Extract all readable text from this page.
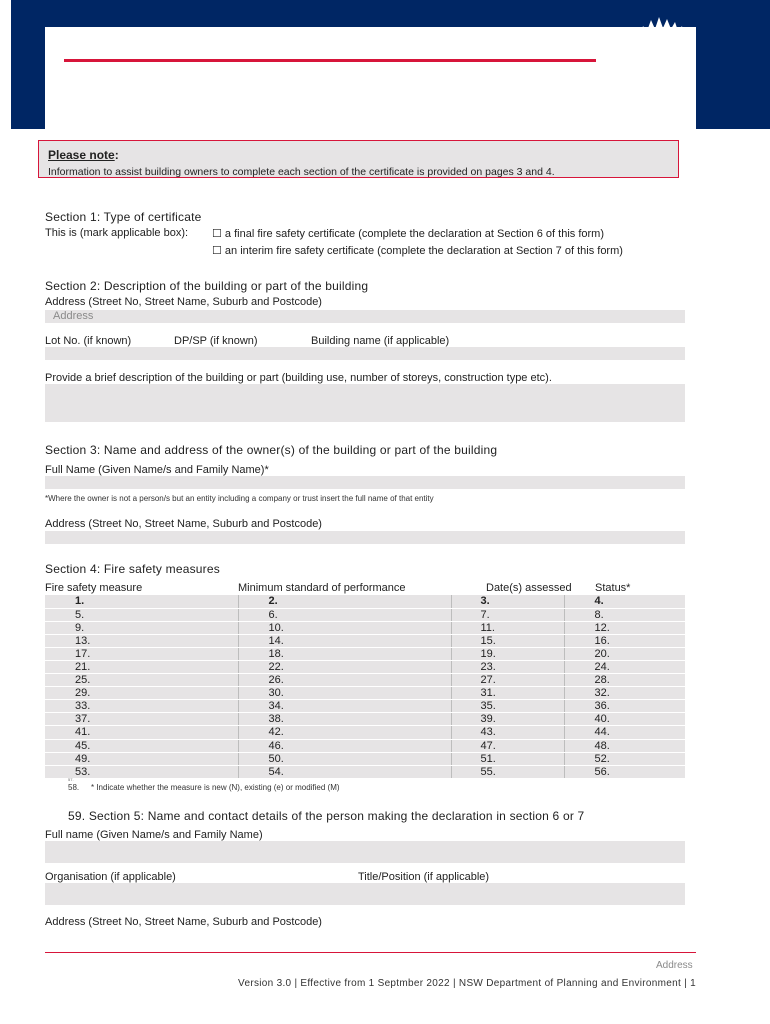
Please note:
Information to assist building owners to complete each section of the certificate is provided on pages 3 and 4.
Section 1: Type of certificate
This is (mark applicable box): ☐ a final fire safety certificate (complete the declaration at Section 6 of this form)
☐ an interim fire safety certificate (complete the declaration at Section 7 of this form)
Section 2: Description of the building or part of the building
Address (Street No, Street Name, Suburb and Postcode)
Address
Lot No. (if known)	DP/SP (if known)	Building name (if applicable)
Provide a brief description of the building or part (building use, number of storeys, construction type etc).
Section 3: Name and address of the owner(s) of the building or part of the building
Full Name (Given Name/s and Family Name)*
*Where the owner is not a person/s but an entity including a company or trust insert the full name of that entity
Address (Street No, Street Name, Suburb and Postcode)
Section 4: Fire safety measures
Fire safety measure	Minimum standard of performance	Date(s) assessed Status*
1.	2.	3.	4.
5.	6.	7.	8.
9.	10.	11.	12.
13.	14.	15.	16.
17.	18.	19.	20.
21.	22.	23.	24.
25.	26.	27.	28.
29.	30.	31.	32.
33.	34.	35.	36.
37.	38.	39.	40.
41.	42.	43.	44.
45.	46.	47.	48.
49.	50.	51.	52.
53.	54.	55.	56.
57.
58. * Indicate whether the measure is new (N), existing (e) or modified (M)
59. Section 5: Name and contact details of the person making the declaration in section 6 or 7
Full name (Given Name/s and Family Name)
Organisation (if applicable)	Title/Position (if applicable)
Address (Street No, Street Name, Suburb and Postcode)
Address
Version 3.0 | Effective from 1 Septmber 2022 | NSW Department of Planning and Environment | 1
